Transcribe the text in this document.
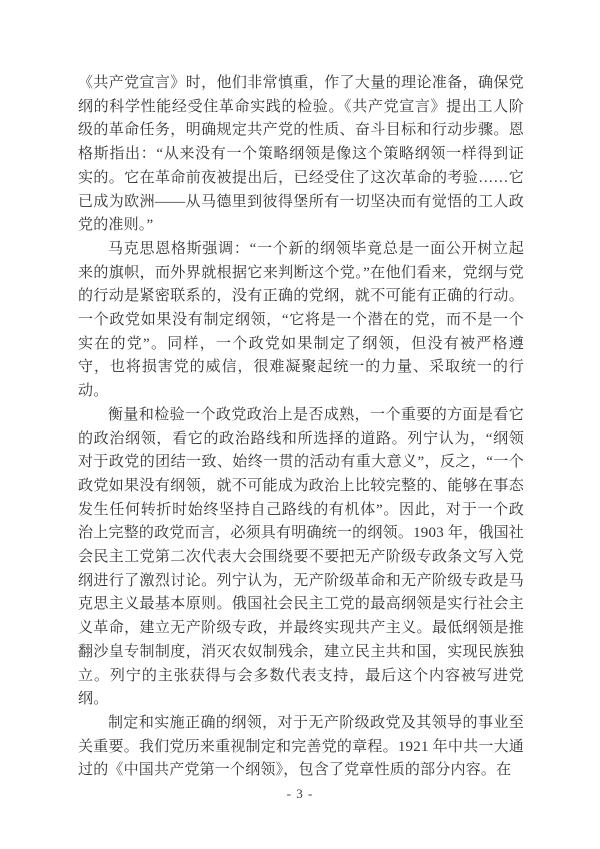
《共产党宣言》时，他们非常慎重，作了大量的理论准备，确保党纲的科学性能经受住革命实践的检验。《共产党宣言》提出工人阶级的革命任务，明确规定共产党的性质、奋斗目标和行动步骤。恩格斯指出：“从来没有一个策略纲领是像这个策略纲领一样得到证实的。它在革命前夜被提出后，已经受住了这次革命的考验……它已成为欧洲——从马德里到彼得堡所有一切坚决而有觉悟的工人政党的准则。”

马克思恩格斯强调：“一个新的纲领毕竟总是一面公开树立起来的旗帜，而外界就根据它来判断这个党。”在他们看来，党纲与党的行动是紧密联系的，没有正确的党纲，就不可能有正确的行动。一个政党如果没有制定纲领，“它将是一个潜在的党，而不是一个实在的党”。同样，一个政党如果制定了纲领，但没有被严格遵守，也将损害党的威信，很难凝聚起统一的力量、采取统一的行动。

衡量和检验一个政党政治上是否成熟，一个重要的方面是看它的政治纲领，看它的政治路线和所选择的道路。列宁认为，“纲领对于政党的团结一致、始终一贯的活动有重大意义”，反之，“一个政党如果没有纲领，就不可能成为政治上比较完整的、能够在事态发生任何转折时始终坚持自己路线的有机体”。因此，对于一个政治上完整的政党而言，必须具有明确统一的纲领。1903 年，俄国社会民主工党第二次代表大会围绕要不要把无产阶级专政条文写入党纲进行了激烈讨论。列宁认为，无产阶级革命和无产阶级专政是马克思主义最基本原则。俄国社会民主工党的最高纲领是实行社会主义革命，建立无产阶级专政，并最终实现共产主义。最低纲领是推翻沙皇专制制度，消灭农奴制残余，建立民主共和国，实现民族独立。列宁的主张获得与会多数代表支持，最后这个内容被写进党纲。

制定和实施正确的纲领，对于无产阶级政党及其领导的事业至关重要。我们党历来重视制定和完善党的章程。1921 年中共一大通过的《中国共产党第一个纲领》，包含了党章性质的部分内容。在

- 3 -
